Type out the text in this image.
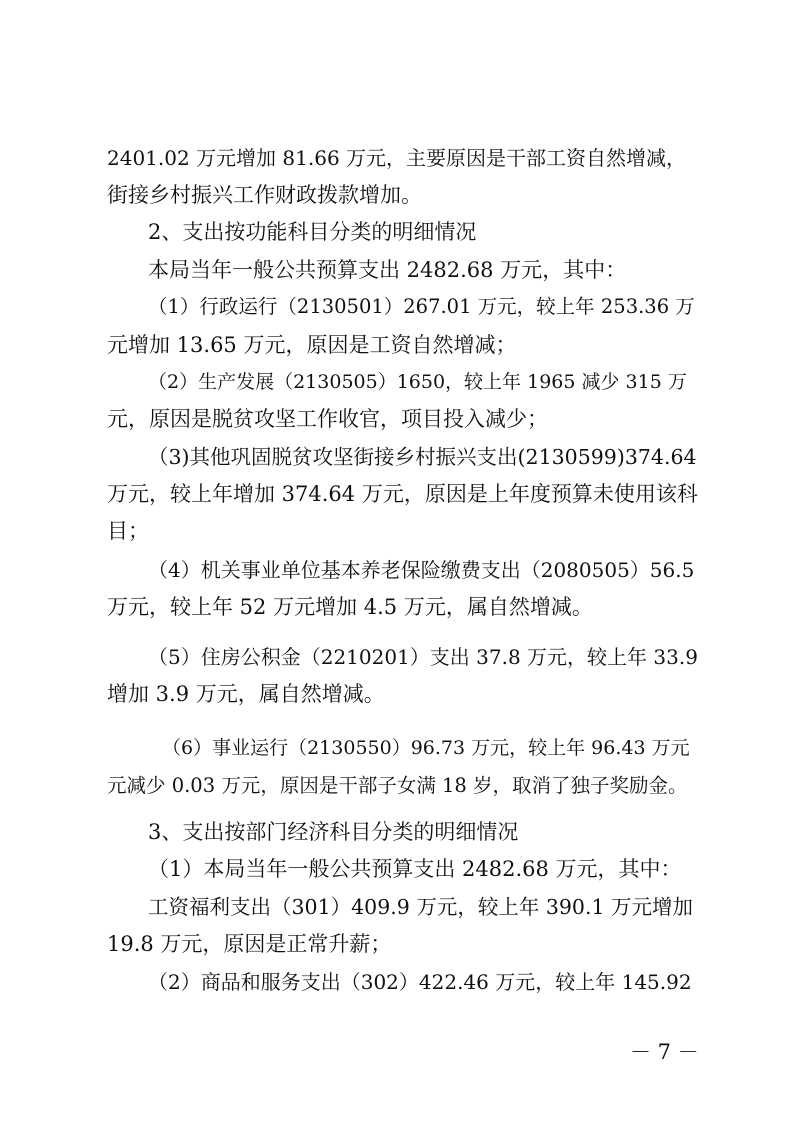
2401.02 万元增加 81.66 万元，主要原因是干部工资自然增减，
街接乡村振兴工作财政拨款增加。
2、支出按功能科目分类的明细情况
本局当年一般公共预算支出 2482.68 万元，其中：
（1）行政运行（2130501）267.01 万元，较上年 253.36 万
元增加 13.65 万元，原因是工资自然增减；
（2）生产发展（2130505）1650，较上年 1965 减少 315 万
元，原因是脱贫攻坚工作收官，项目投入减少；
（3)其他巩固脱贫攻坚街接乡村振兴支出(2130599)374.64
万元，较上年增加 374.64 万元，原因是上年度预算未使用该科
目；
（4）机关事业单位基本养老保险缴费支出（2080505）56.5
万元，较上年 52 万元增加 4.5 万元，属自然增减。
（5）住房公积金（2210201）支出 37.8 万元，较上年 33.9
增加 3.9 万元，属自然增减。
（6）事业运行（2130550）96.73 万元，较上年 96.43 万元
元减少 0.03 万元，原因是干部子女满 18 岁，取消了独子奖励金。
3、支出按部门经济科目分类的明细情况
（1）本局当年一般公共预算支出 2482.68 万元，其中：
工资福利支出（301）409.9 万元，较上年 390.1 万元增加
19.8 万元，原因是正常升薪；
（2）商品和服务支出（302）422.46 万元，较上年 145.92
－ 7 －
